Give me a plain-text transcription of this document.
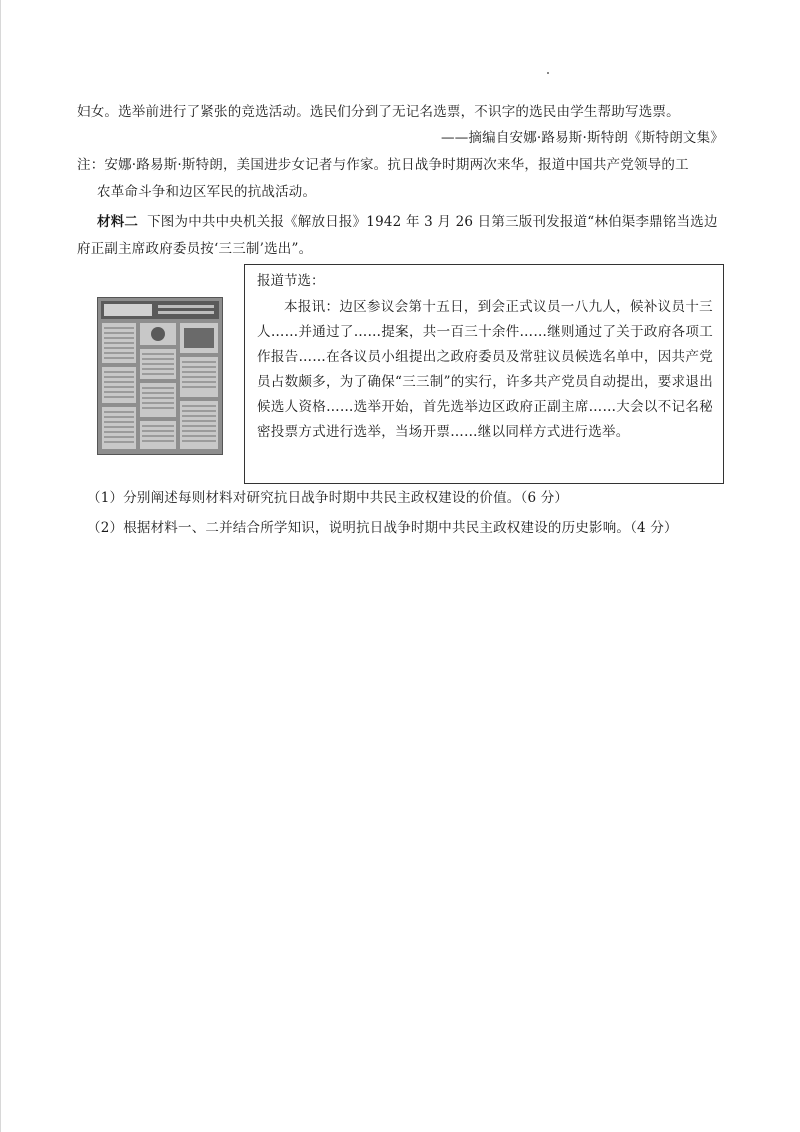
妇女。选举前进行了紧张的竞选活动。选民们分到了无记名选票，不识字的选民由学生帮助写选票。
——摘编自安娜·路易斯·斯特朗《斯特朗文集》
注：安娜·路易斯·斯特朗，美国进步女记者与作家。抗日战争时期两次来华，报道中国共产党领导的工
农革命斗争和边区军民的抗战活动。
材料二 下图为中共中央机关报《解放日报》1942 年 3 月 26 日第三版刊发报道“林伯渠李鼎铭当选边
府正副主席政府委员按‘三三制’选出”。

报道节选：

本报讯：边区参议会第十五日，到会正式议员一八九人，候补议员十三人……并通过了……提案，共一百三十余件……继则通过了关于政府各项工作报告……在各议员小组提出之政府委员及常驻议员候选名单中，因共产党员占数颇多，为了确保“三三制”的实行，许多共产党员自动提出，要求退出候选人资格……选举开始，首先选举边区政府正副主席……大会以不记名秘密投票方式进行选举，当场开票……继以同样方式进行选举。

（1）分别阐述每则材料对研究抗日战争时期中共民主政权建设的价值。（6 分）
（2）根据材料一、二并结合所学知识，说明抗日战争时期中共民主政权建设的历史影响。（4 分）
